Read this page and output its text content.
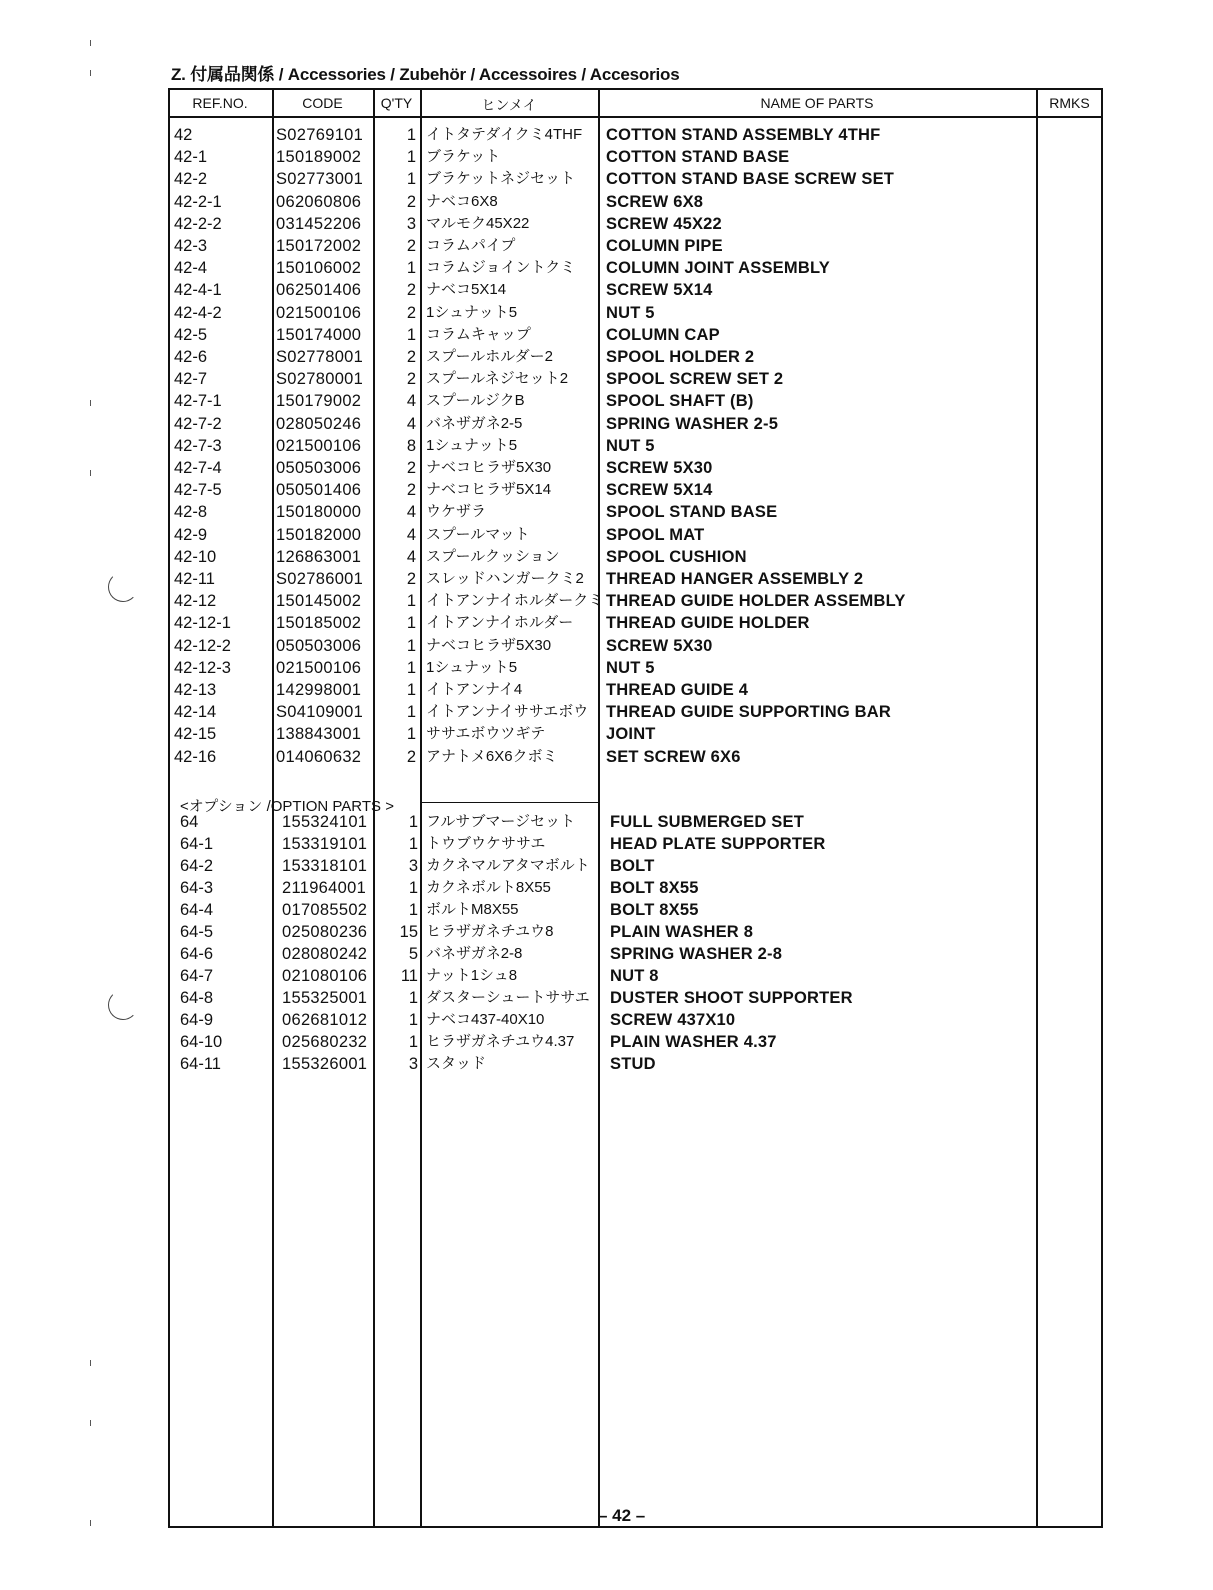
Z. 付属品関係 / Accessories / Zubehör / Accessoires / Accesorios
REF.NO.	CODE	Q'TY	ヒンメイ	NAME OF PARTS	RMKS
42	S02769101	1 イトタテダイクミ4THF COTTON STAND ASSEMBLY 4THF
42-1	150189002	1 ブラケット	COTTON STAND BASE
42-2	S02773001	1 ブラケットネジセット COTTON STAND BASE SCREW SET
42-2-1	062060806	2 ナベコ6X8	SCREW 6X8
42-2-2	031452206	3 マルモク45X22	SCREW 45X22
42-3	150172002	2 コラムパイプ	COLUMN PIPE
42-4	150106002	1 コラムジョイントクミ COLUMN JOINT ASSEMBLY
42-4-1	062501406	2 ナベコ5X14	SCREW 5X14
42-4-2	021500106	2 1シュナット5	NUT 5
42-5	150174000	1 コラムキャップ	COLUMN CAP
42-6	S02778001	2 スプールホルダー2	SPOOL HOLDER 2
42-7	S02780001	2 スプールネジセット2 SPOOL SCREW SET 2
42-7-1	150179002	4 スプールジクB	SPOOL SHAFT (B)
42-7-2	028050246	4 バネザガネ2-5	SPRING WASHER 2-5
42-7-3	021500106	8 1シュナット5	NUT 5
42-7-4	050503006	2 ナベコヒラザ5X30	SCREW 5X30
42-7-5	050501406	2 ナベコヒラザ5X14	SCREW 5X14
42-8	150180000	4 ウケザラ	SPOOL STAND BASE
42-9	150182000	4 スプールマット	SPOOL MAT
42-10	126863001	4 スプールクッション	SPOOL CUSHION
42-11	S02786001	2 スレッドハンガークミ2 THREAD HANGER ASSEMBLY 2
42-12	150145002	1 イトアンナイホルダークミ THREAD GUIDE HOLDER ASSEMBLY
42-12-1	150185002	1 イトアンナイホルダー THREAD GUIDE HOLDER
42-12-2	050503006	1 ナベコヒラザ5X30	SCREW 5X30
42-12-3	021500106	1 1シュナット5	NUT 5
42-13	142998001	1 イトアンナイ4	THREAD GUIDE 4
42-14	S04109001	1 イトアンナイササエボウ THREAD GUIDE SUPPORTING BAR
42-15	138843001	1 ササエボウツギテ	JOINT
42-16	014060632	2 アナトメ6X6クボミ	SET SCREW 6X6
<オプション /OPTION PARTS >
64	155324101	1 フルサブマージセット FULL SUBMERGED SET
64-1	153319101	1 トウブウケササエ	HEAD PLATE SUPPORTER
64-2	153318101	3 カクネマルアタマボルト BOLT
64-3	211964001	1 カクネボルト8X55	BOLT 8X55
64-4	017085502	1 ボルトM8X55	BOLT 8X55
64-5	025080236	15 ヒラザガネチユウ8	PLAIN WASHER 8
64-6	028080242	5 バネザガネ2-8	SPRING WASHER 2-8
64-7	021080106	11 ナット1シュ8	NUT 8
64-8	155325001	1 ダスターシュートササエ DUSTER SHOOT SUPPORTER
64-9	062681012	1 ナベコ437-40X10	SCREW 437X10
64-10	025680232	1 ヒラザガネチユウ4.37 PLAIN WASHER 4.37
64-11	155326001	3 スタッド	STUD
– 42 –
